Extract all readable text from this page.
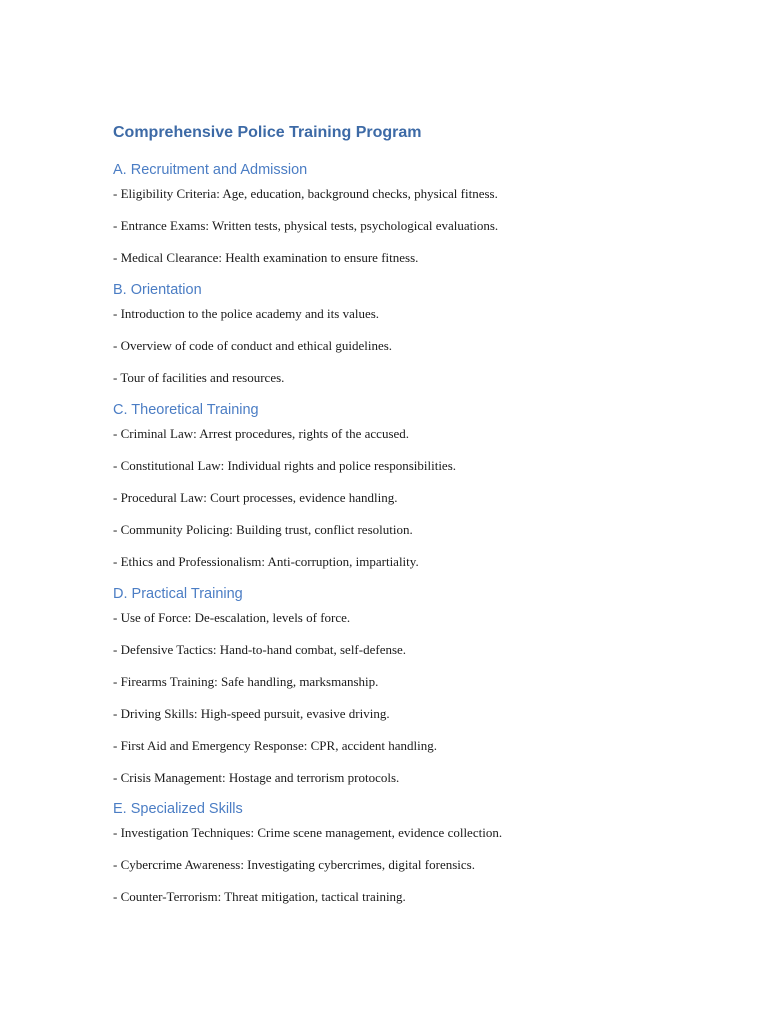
Comprehensive Police Training Program
A. Recruitment and Admission

- Eligibility Criteria: Age, education, background checks, physical fitness.

- Entrance Exams: Written tests, physical tests, psychological evaluations.

- Medical Clearance: Health examination to ensure fitness.

B. Orientation

- Introduction to the police academy and its values.

- Overview of code of conduct and ethical guidelines.

- Tour of facilities and resources.

C. Theoretical Training

- Criminal Law: Arrest procedures, rights of the accused.

- Constitutional Law: Individual rights and police responsibilities.

- Procedural Law: Court processes, evidence handling.

- Community Policing: Building trust, conflict resolution.

- Ethics and Professionalism: Anti-corruption, impartiality.

D. Practical Training

- Use of Force: De-escalation, levels of force.

- Defensive Tactics: Hand-to-hand combat, self-defense.

- Firearms Training: Safe handling, marksmanship.

- Driving Skills: High-speed pursuit, evasive driving.

- First Aid and Emergency Response: CPR, accident handling.

- Crisis Management: Hostage and terrorism protocols.

E. Specialized Skills

- Investigation Techniques: Crime scene management, evidence collection.

- Cybercrime Awareness: Investigating cybercrimes, digital forensics.

- Counter-Terrorism: Threat mitigation, tactical training.
